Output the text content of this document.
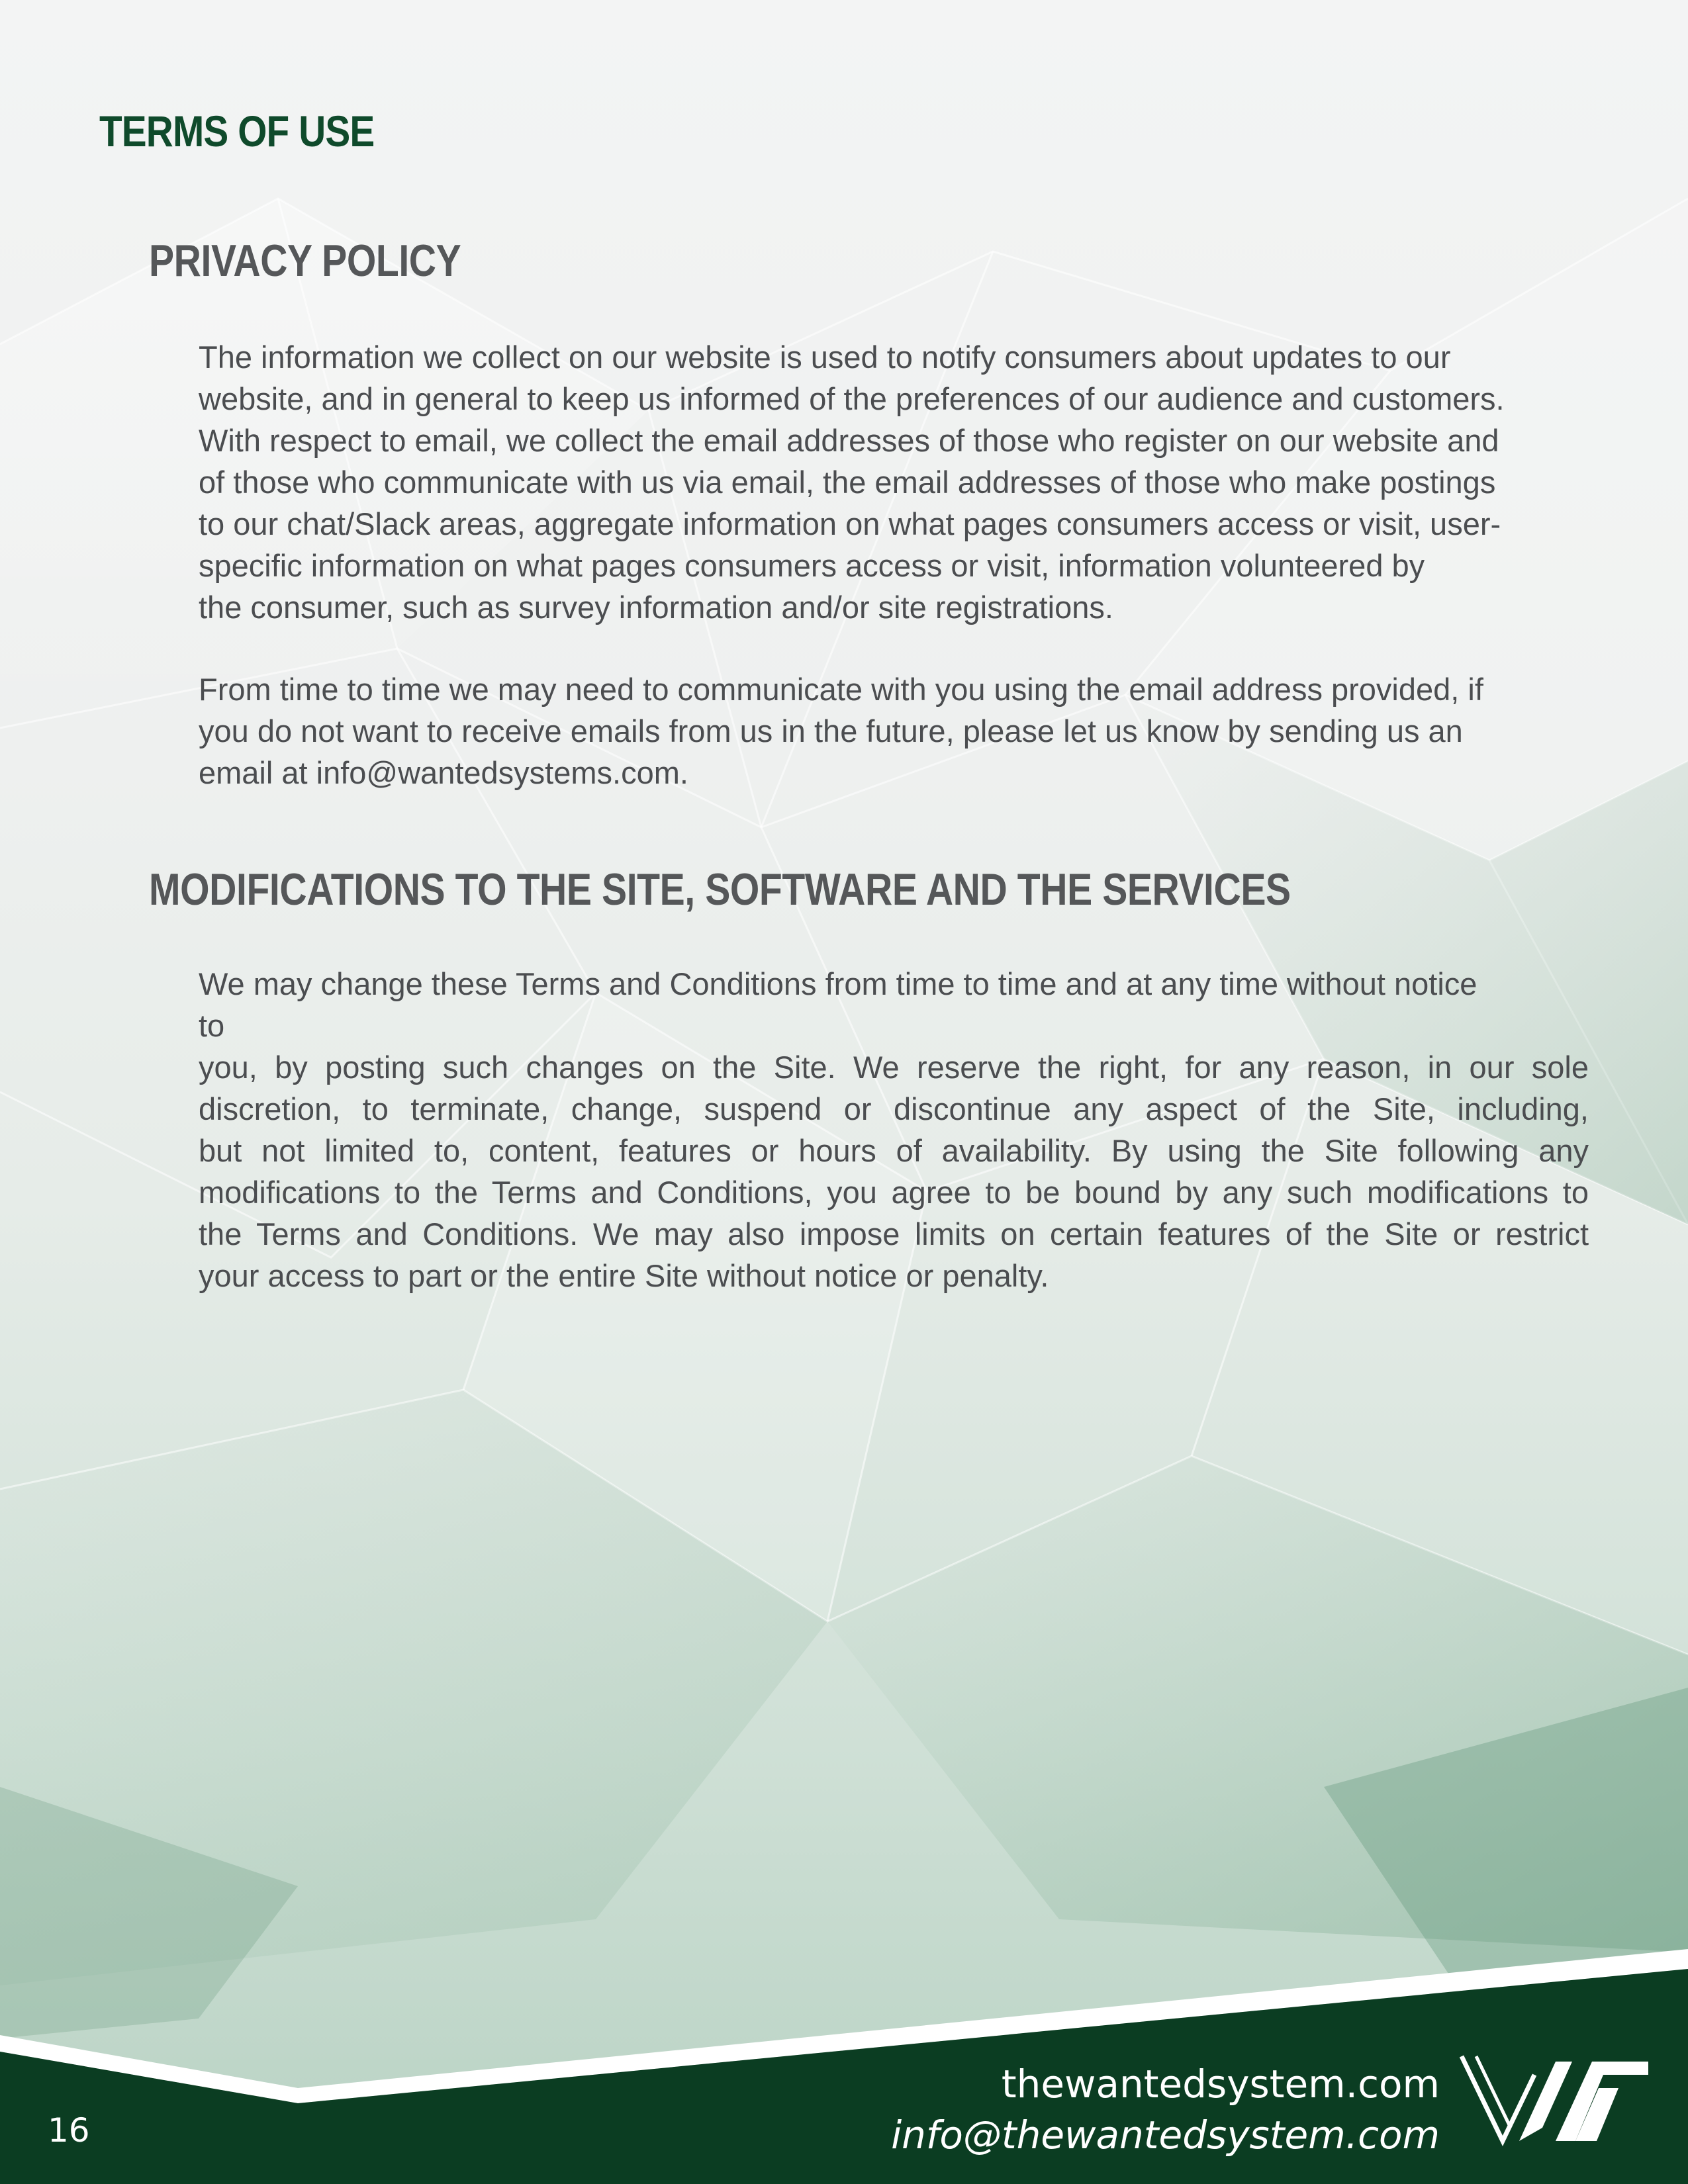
TERMS OF USE
PRIVACY POLICY
The information we collect on our website is used to notify consumers about updates to our
website, and in general to keep us informed of the preferences of our audience and customers.
With respect to email, we collect the email addresses of those who register on our website and
of those who communicate with us via email, the email addresses of those who make postings
to our chat/Slack areas, aggregate information on what pages consumers access or visit, user-
specific information on what pages consumers access or visit, information volunteered by
the consumer, such as survey information and/or site registrations.
From time to time we may need to communicate with you using the email address provided, if
you do not want to receive emails from us in the future, please let us know by sending us an
email at info@wantedsystems.com.
MODIFICATIONS TO THE SITE, SOFTWARE AND THE SERVICES
We may change these Terms and Conditions from time to time and at any time without notice
to
you, by posting such changes on the Site. We reserve the right, for any reason, in our sole
discretion, to terminate, change, suspend or discontinue any aspect of the Site, including,
but not limited to, content, features or hours of availability. By using the Site following any
modifications to the Terms and Conditions, you agree to be bound by any such modifications to
the Terms and Conditions. We may also impose limits on certain features of the Site or restrict
your access to part or the entire Site without notice or penalty.
16
thewantedsystem.com
info@thewantedsystem.com
